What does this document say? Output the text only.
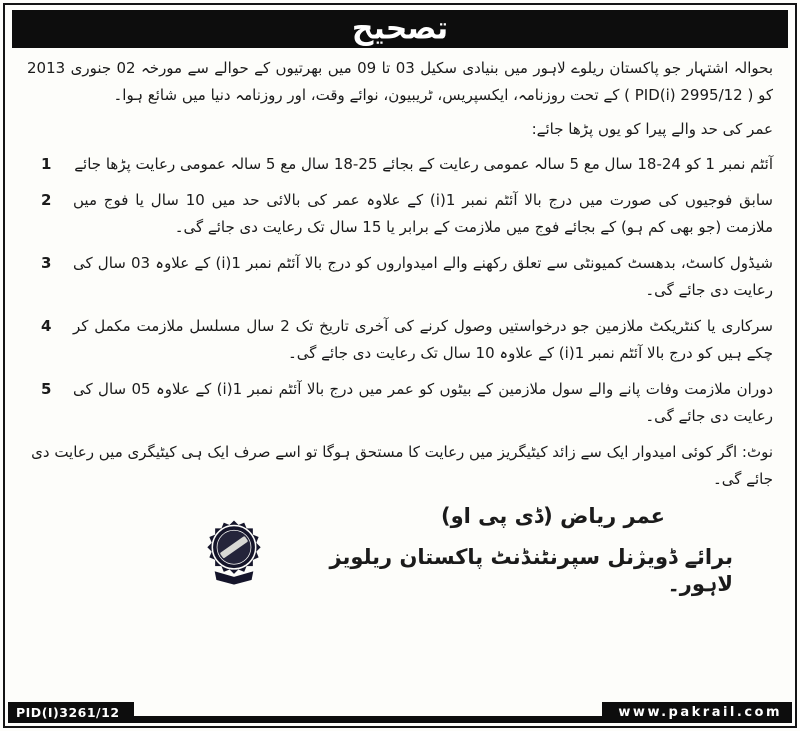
تصحیح

بحوالہ اشتہار جو پاکستان ریلوے لاہور میں بنیادی سکیل 03 تا 09 میں بھرتیوں کے حوالے سے مورخہ 02 جنوری 2013 کو ( PID(i) 2995/12 ) کے تحت روزنامہ، ایکسپریس، ٹریبیون، نوائے وقت، اور روزنامہ دنیا میں شائع ہوا۔

عمر کی حد والے پیرا کو یوں پڑھا جائے:

1	آئٹم نمبر 1 کو 24-18 سال مع 5 سالہ عمومی رعایت کے بجائے 25-18 سال مع 5 سالہ عمومی رعایت پڑھا جائے
2	سابق فوجیوں کی صورت میں درج بالا آئٹم نمبر 1(i) کے علاوہ عمر کی بالائی حد میں 10 سال یا فوج میں ملازمت (جو بھی کم ہو) کے بجائے فوج میں ملازمت کے برابر یا 15 سال تک رعایت دی جائے گی۔
3	شیڈول کاسٹ، بدھسٹ کمیونٹی سے تعلق رکھنے والے امیدواروں کو درج بالا آئٹم نمبر 1(i) کے علاوہ 03 سال کی رعایت دی جائے گی۔
4	سرکاری یا کنٹریکٹ ملازمین جو درخواستیں وصول کرنے کی آخری تاریخ تک 2 سال مسلسل ملازمت مکمل کر چکے ہیں کو درج بالا آئٹم نمبر 1(i) کے علاوہ 10 سال تک رعایت دی جائے گی۔
5	دوران ملازمت وفات پانے والے سول ملازمین کے بیٹوں کو عمر میں درج بالا آئٹم نمبر 1(i) کے علاوہ 05 سال کی رعایت دی جائے گی۔

نوٹ: اگر کوئی امیدوار ایک سے زائد کیٹیگریز میں رعایت کا مستحق ہوگا تو اسے صرف ایک ہی کیٹیگری میں رعایت دی جائے گی۔

عمر ریاض (ڈی پی او)
برائے ڈویژنل سپرنٹنڈنٹ پاکستان ریلویز لاہور۔
PID(I)3261/12	www.pakrail.com
